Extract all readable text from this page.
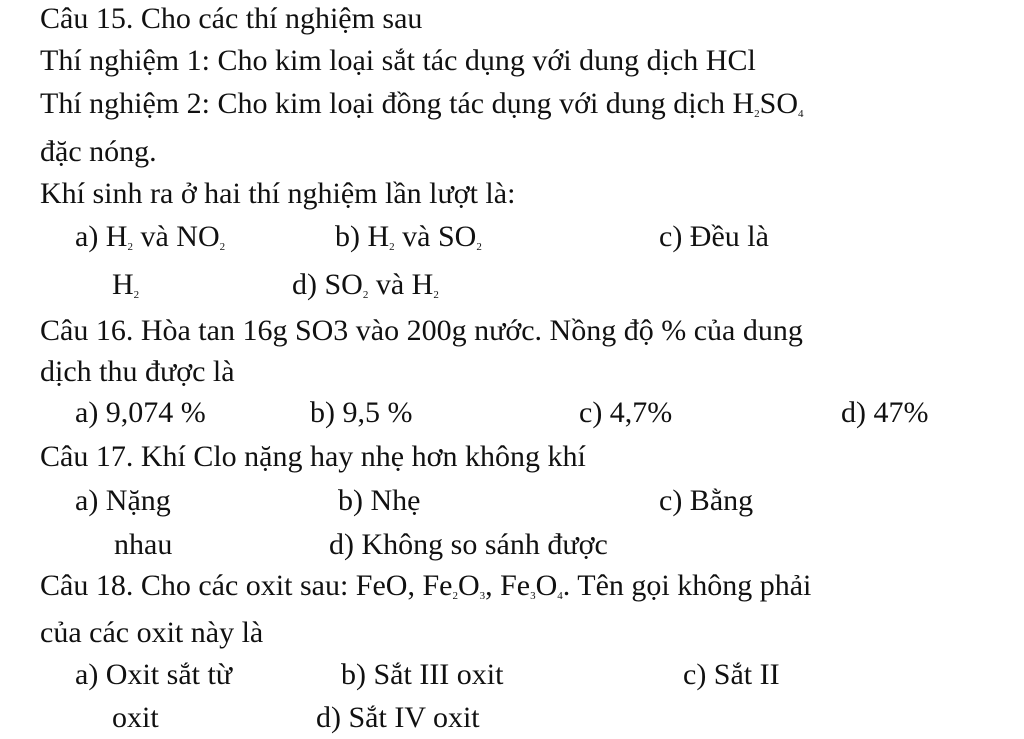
Câu 15. Cho các thí nghiệm sau
Thí nghiệm 1: Cho kim loại sắt tác dụng với dung dịch HCl
Thí nghiệm 2: Cho kim loại đồng tác dụng với dung dịch $H_2SO_4$
đặc nóng.
Khí sinh ra ở hai thí nghiệm lần lượt là:
a) $H_2$ và $NO_2$	b) $H_2$ và $SO_2$	c) Đều là
$H_2$	d) $SO_2$ và $H_2$
Câu 16. Hòa tan 16g SO3 vào 200g nước. Nồng độ % của dung
dịch thu được là
a) 9,074 %	b) 9,5 %	c) 4,7%	d) 47%
Câu 17. Khí Clo nặng hay nhẹ hơn không khí
a) Nặng	b) Nhẹ	c) Bằng
nhau	d) Không so sánh được
Câu 18. Cho các oxit sau: FeO, $Fe_2O_3$, $Fe_3O_4$. Tên gọi không phải
của các oxit này là
a) Oxit sắt từ	b) Sắt III oxit	c) Sắt II
oxit	d) Sắt IV oxit
